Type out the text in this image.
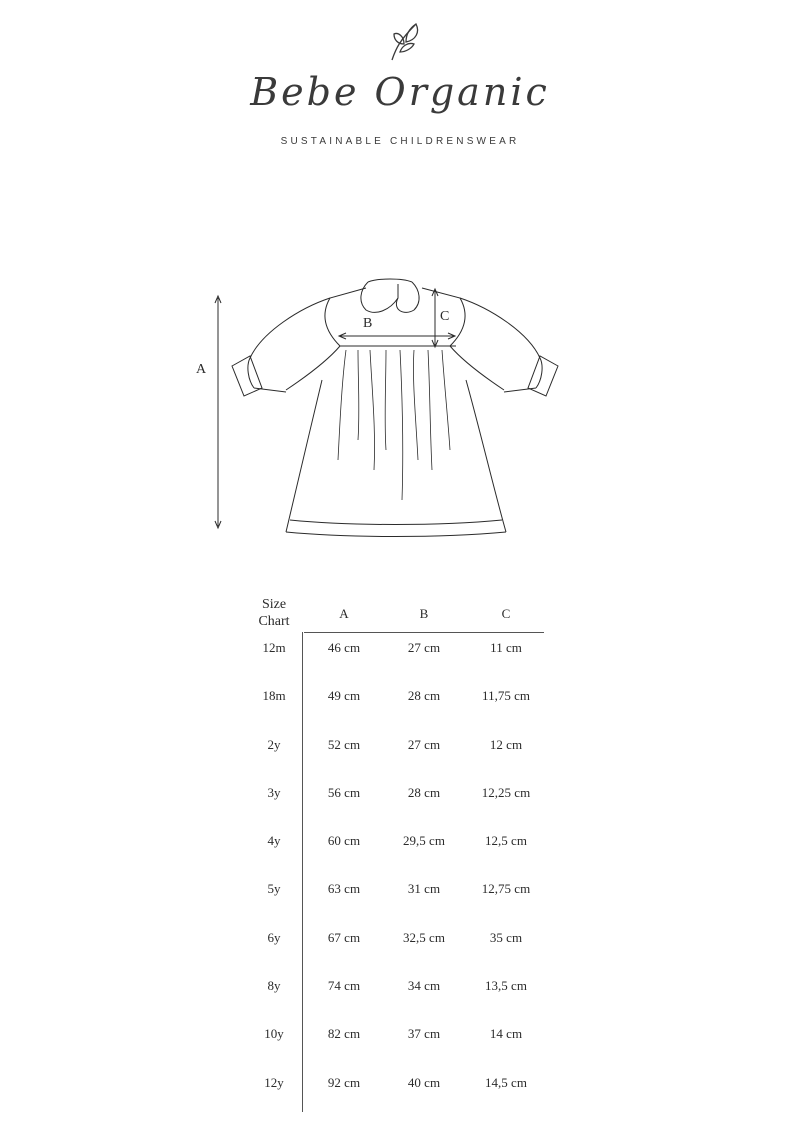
Bebe Organic
SUSTAINABLE CHILDRENSWEAR
A
B	C
Size
Chart
A	B	C
12m	46 cm	27 cm	11 cm
18m	49 cm	28 cm	11,75 cm
2y	52 cm	27 cm	12 cm
3y	56 cm	28 cm	12,25 cm
4y	60 cm	29,5 cm	12,5 cm
5y	63 cm	31 cm	12,75 cm
6y	67 cm	32,5 cm	35 cm
8y	74 cm	34 cm	13,5 cm
10y	82 cm	37 cm	14 cm
12y	92 cm	40 cm	14,5 cm
